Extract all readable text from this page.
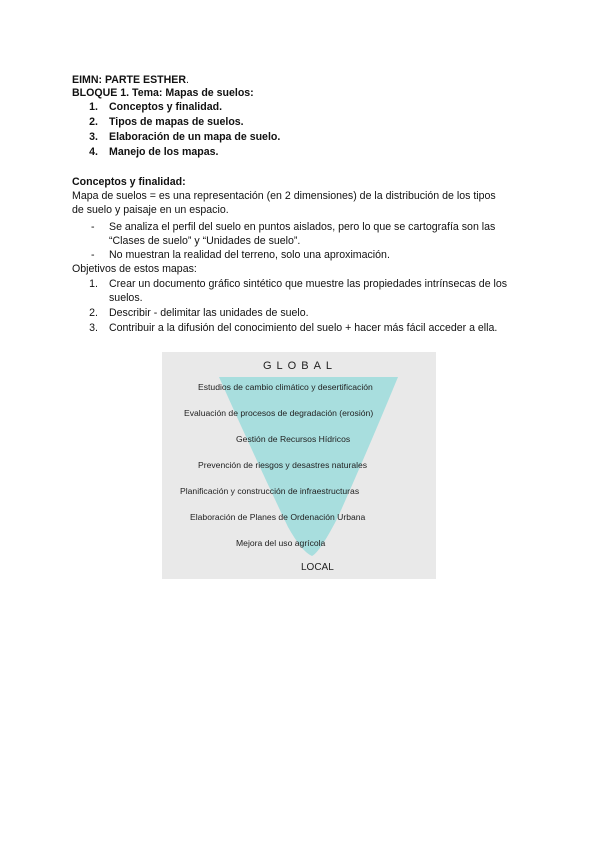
EIMN: PARTE ESTHER.
BLOQUE 1. Tema: Mapas de suelos:
1. Conceptos y finalidad.
2. Tipos de mapas de suelos.
3. Elaboración de un mapa de suelo.
4. Manejo de los mapas.
Conceptos y finalidad:
Mapa de suelos = es una representación (en 2 dimensiones) de la distribución de los tipos
de suelo y paisaje en un espacio.
- Se analiza el perfil del suelo en puntos aislados, pero lo que se cartografía son las
“Clases de suelo” y “Unidades de suelo”.
- No muestran la realidad del terreno, solo una aproximación.
Objetivos de estos mapas:
1. Crear un documento gráfico sintético que muestre las propiedades intrínsecas de los
suelos.
2. Describir - delimitar las unidades de suelo.
3. Contribuir a la difusión del conocimiento del suelo + hacer más fácil acceder a ella.
GLOBAL
Estudios de cambio climático y desertificación
Evaluación de procesos de degradación (erosión)
Gestión de Recursos Hídricos
Prevención de riesgos y desastres naturales
Planificación y construcción de infraestructuras
Elaboración de Planes de Ordenación Urbana
Mejora del uso agrícola
LOCAL
